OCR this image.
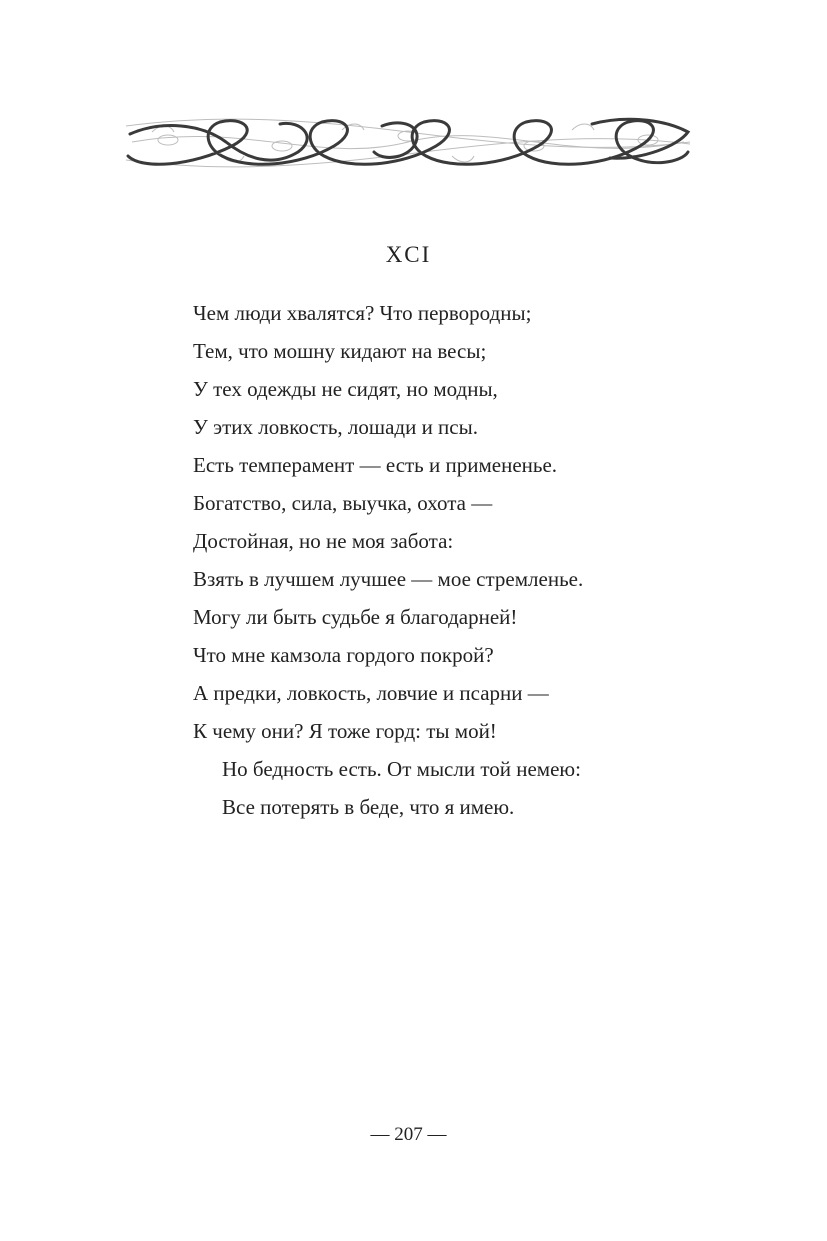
XCI
Чем люди хвалятся? Что первородны;
Тем, что мошну кидают на весы;
У тех одежды не сидят, но модны,
У этих ловкость, лошади и псы.
Есть темперамент — есть и примененье.
Богатство, сила, выучка, охота —
Достойная, но не моя забота:
Взять в лучшем лучшее — мое стремленье.
Могу ли быть судьбе я благодарней!
Что мне камзола гордого покрой?
А предки, ловкость, ловчие и псарни —
К чему они? Я тоже горд: ты мой!
Но бедность есть. От мысли той немею:
Все потерять в беде, что я имею.
— 207 —
